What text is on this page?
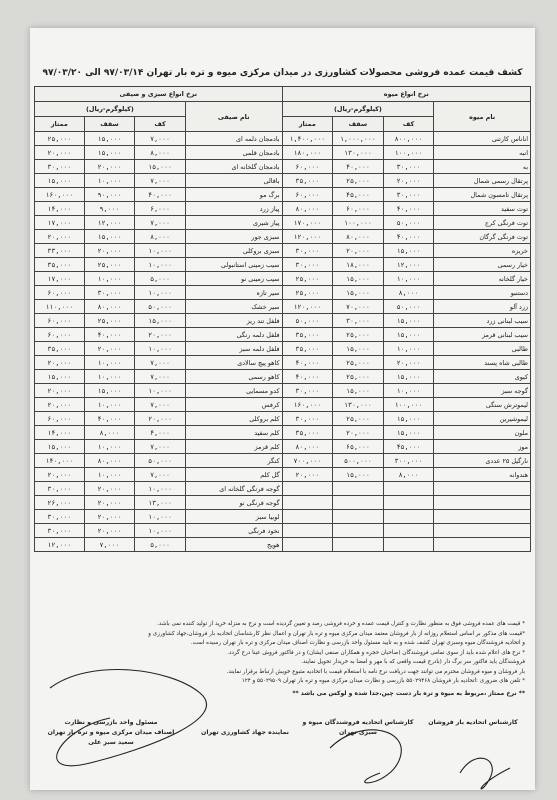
کشف قیمت عمده فروشی محصولات کشاورزی در میدان مرکزی میوه و تره بار تهران ۹۷/۰۳/۱۴ الی ۹۷/۰۳/۲۰
نرخ انواع میوه				نرخ انواع سبزی و صیفی			
نام میوه	(کیلوگرم-ریال)			نام صیفی	(کیلوگرم-ریال)		
	کف	سقف	ممتاز		کف	سقف	ممتاز
اناناس کارتنی	۸۰۰,۰۰۰	۱,۰۰۰,۰۰۰	۱,۴۰۰,۰۰۰	بادمجان دلمه ای	۷,۰۰۰	۱۵,۰۰۰	۲۵,۰۰۰
انبه	۱۰۰,۰۰۰	۱۳۰,۰۰۰	۱۸۰,۰۰۰	بادمجان قلمی	۸,۰۰۰	۱۵,۰۰۰	۲۰,۰۰۰
به	۳۰,۰۰۰	۴۰,۰۰۰	۶۰,۰۰۰	بادمجان گلخانه ای	۱۵,۰۰۰	۲۰,۰۰۰	۳۰,۰۰۰
پرتقال رسمی شمال	۲۰,۰۰۰	۲۵,۰۰۰	۳۵,۰۰۰	باقالی	۷,۰۰۰	۱۰,۰۰۰	۱۵,۰۰۰
پرتقال تامسون شمال	۳۰,۰۰۰	۴۵,۰۰۰	۶۰,۰۰۰	برگ مو	۴۰,۰۰۰	۹۰,۰۰۰	۱۶۰,۰۰۰
توت سفید	۴۰,۰۰۰	۶۰,۰۰۰	۸۰,۰۰۰	پیاز زرد	۶,۰۰۰	۹,۰۰۰	۱۴,۰۰۰
توت فرنگی کرج	۵۰,۰۰۰	۱۰۰,۰۰۰	۱۷۰,۰۰۰	پیاز شیری	۷,۰۰۰	۱۲,۰۰۰	۱۷,۰۰۰
توت فرنگی گرگان	۴۰,۰۰۰	۸۰,۰۰۰	۱۲۰,۰۰۰	سبزی جور	۸,۰۰۰	۱۵,۰۰۰	۲۰,۰۰۰
خربزه	۱۵,۰۰۰	۲۰,۰۰۰	۳۰,۰۰۰	سبزی بروکلی	۱۰,۰۰۰	۲۰,۰۰۰	۳۳,۰۰۰
خیار رسمی	۱۲,۰۰۰	۱۸,۰۰۰	۳۰,۰۰۰	سیب زمینی استانبولی	۱۰,۰۰۰	۲۵,۰۰۰	۳۵,۰۰۰
خیار گلخانه	۱۰,۰۰۰	۱۵,۰۰۰	۲۵,۰۰۰	سیب زمینی نو	۵,۰۰۰	۱۰,۰۰۰	۱۷,۰۰۰
دستنبو	۸,۰۰۰	۱۵,۰۰۰	۲۵,۰۰۰	سیر تازه	۱۰,۰۰۰	۳۰,۰۰۰	۶۰,۰۰۰
زرد آلو	۵۰,۰۰۰	۷۰,۰۰۰	۱۲۰,۰۰۰	سیر خشک	۵۰,۰۰۰	۸۰,۰۰۰	۱۱۰,۰۰۰
سیب لبنانی زرد	۱۵,۰۰۰	۳۰,۰۰۰	۵۰,۰۰۰	فلفل تند ریز	۱۵,۰۰۰	۲۵,۰۰۰	۶۰,۰۰۰
سیب لبنانی قرمز	۱۵,۰۰۰	۲۵,۰۰۰	۳۵,۰۰۰	فلفل دلمه رنگی	۲۰,۰۰۰	۴۰,۰۰۰	۶۰,۰۰۰
طالبی	۱۰,۰۰۰	۱۵,۰۰۰	۳۵,۰۰۰	فلفل دلمه سبز	۱۰,۰۰۰	۲۰,۰۰۰	۳۵,۰۰۰
طالبی شاه پسند	۲۰,۰۰۰	۲۵,۰۰۰	۴۰,۰۰۰	کاهو پیچ سالادی	۷,۰۰۰	۱۰,۰۰۰	۲۰,۰۰۰
کیوی	۱۵,۰۰۰	۲۵,۰۰۰	۴۰,۰۰۰	کاهو رسمی	۷,۰۰۰	۱۰,۰۰۰	۱۵,۰۰۰
گوجه سبز	۱۰,۰۰۰	۱۵,۰۰۰	۳۰,۰۰۰	کدو مسمایی	۱۰,۰۰۰	۱۵,۰۰۰	۲۰,۰۰۰
لیموترش سنگی	۱۰۰,۰۰۰	۱۳۰,۰۰۰	۱۶۰,۰۰۰	کرفس	۷,۰۰۰	۱۰,۰۰۰	۲۰,۰۰۰
لیموشیرین	۱۵,۰۰۰	۲۵,۰۰۰	۳۰,۰۰۰	کلم بروکلی	۲۰,۰۰۰	۴۰,۰۰۰	۶۰,۰۰۰
ملون	۱۵,۰۰۰	۲۰,۰۰۰	۳۵,۰۰۰	کلم سفید	۴,۰۰۰	۸,۰۰۰	۱۴,۰۰۰
موز	۴۵,۰۰۰	۶۵,۰۰۰	۸۰,۰۰۰	کلم قرمز	۷,۰۰۰	۱۰,۰۰۰	۱۵,۰۰۰
نارگیل ۲۵ عددی	۳۰۰,۰۰۰	۵۰۰,۰۰۰	۷۰۰,۰۰۰	کنگر	۵۰,۰۰۰	۸۰,۰۰۰	۱۴۰,۰۰۰
هندوانه	۸,۰۰۰	۱۵,۰۰۰	۲۰,۰۰۰	گل کلم	۷,۰۰۰	۱۰,۰۰۰	۲۰,۰۰۰
				گوجه فرنگی گلخانه ای	۱۰,۰۰۰	۲۰,۰۰۰	۳۰,۰۰۰
				گوجه فرنگی نو	۱۳,۰۰۰	۲۰,۰۰۰	۲۶,۰۰۰
				لوبیا سبز	۱۰,۰۰۰	۲۰,۰۰۰	۳۰,۰۰۰
				نخود فرنگی	۱۰,۰۰۰	۲۰,۰۰۰	۳۰,۰۰۰
				هویج	۵,۰۰۰	۷,۰۰۰	۱۲,۰۰۰
* قیمت های عمده فروشی فوق به منظور نظارت و کنترل قیمت عمده و خرده فروشی رصد و تعیین گردیده است و نرخ به منزله خرید از تولید کننده نمی باشد.
*قیمت های مذکور بر اساس استعلام روزانه از بار فروشان معتمد میدان مرکزی میوه و تره بار تهران و اعمال نظر کارشناسان اتحادیه بار فروشان،جهاد کشاورزی و
و اتحادیه فروشندگان میوه وسبزی تهران کشف شده و به تایید مسئول واحد بازرسی و نظارت اصناف میدان مرکزی و تره بار تهران رسیده است.
* نرخ های اعلام شده باید از سوی تمامی فروشندگان (صاحبان حجره و همکاران صنفی ایشان) و در فاکتور فروش عینا درج گردد.
فروشندگان باید فاکتور سر برگ دار (بادرج قیمت واقعی که با مهر و امضا به خریدار تحویل نمایند.
بار فروشان و میوه فروشان محترم می توانند جهت دریافت نرخ نامه با استعلام قیمت با اتحادیه متبوع خویش ارتباط برقرار نمایند.
* تلفن های ضروری :اتحادیه بار فروشان ۵۵۰۲۹۴۶۸ بازرسی و نظارت میدان مرکزی میوه و تره بار تهران ۵۵۰۲۹۵۰۹ و ۱۲۴
** نرخ ممتاز ،مربوط به میوه و تره بار دست چین،جدا شده و لوکس می باشد **
کارشناس اتحادیه بار فروشان
کارشناس اتحادیه فروشندگان میوه و
سبزی تهران
نماینده جهاد کشاورزی تهران
مسئول واحد بازرسی و نظارت
اصناف میدان مرکزی میوه و تره بار تهران
سعید سبز علی
